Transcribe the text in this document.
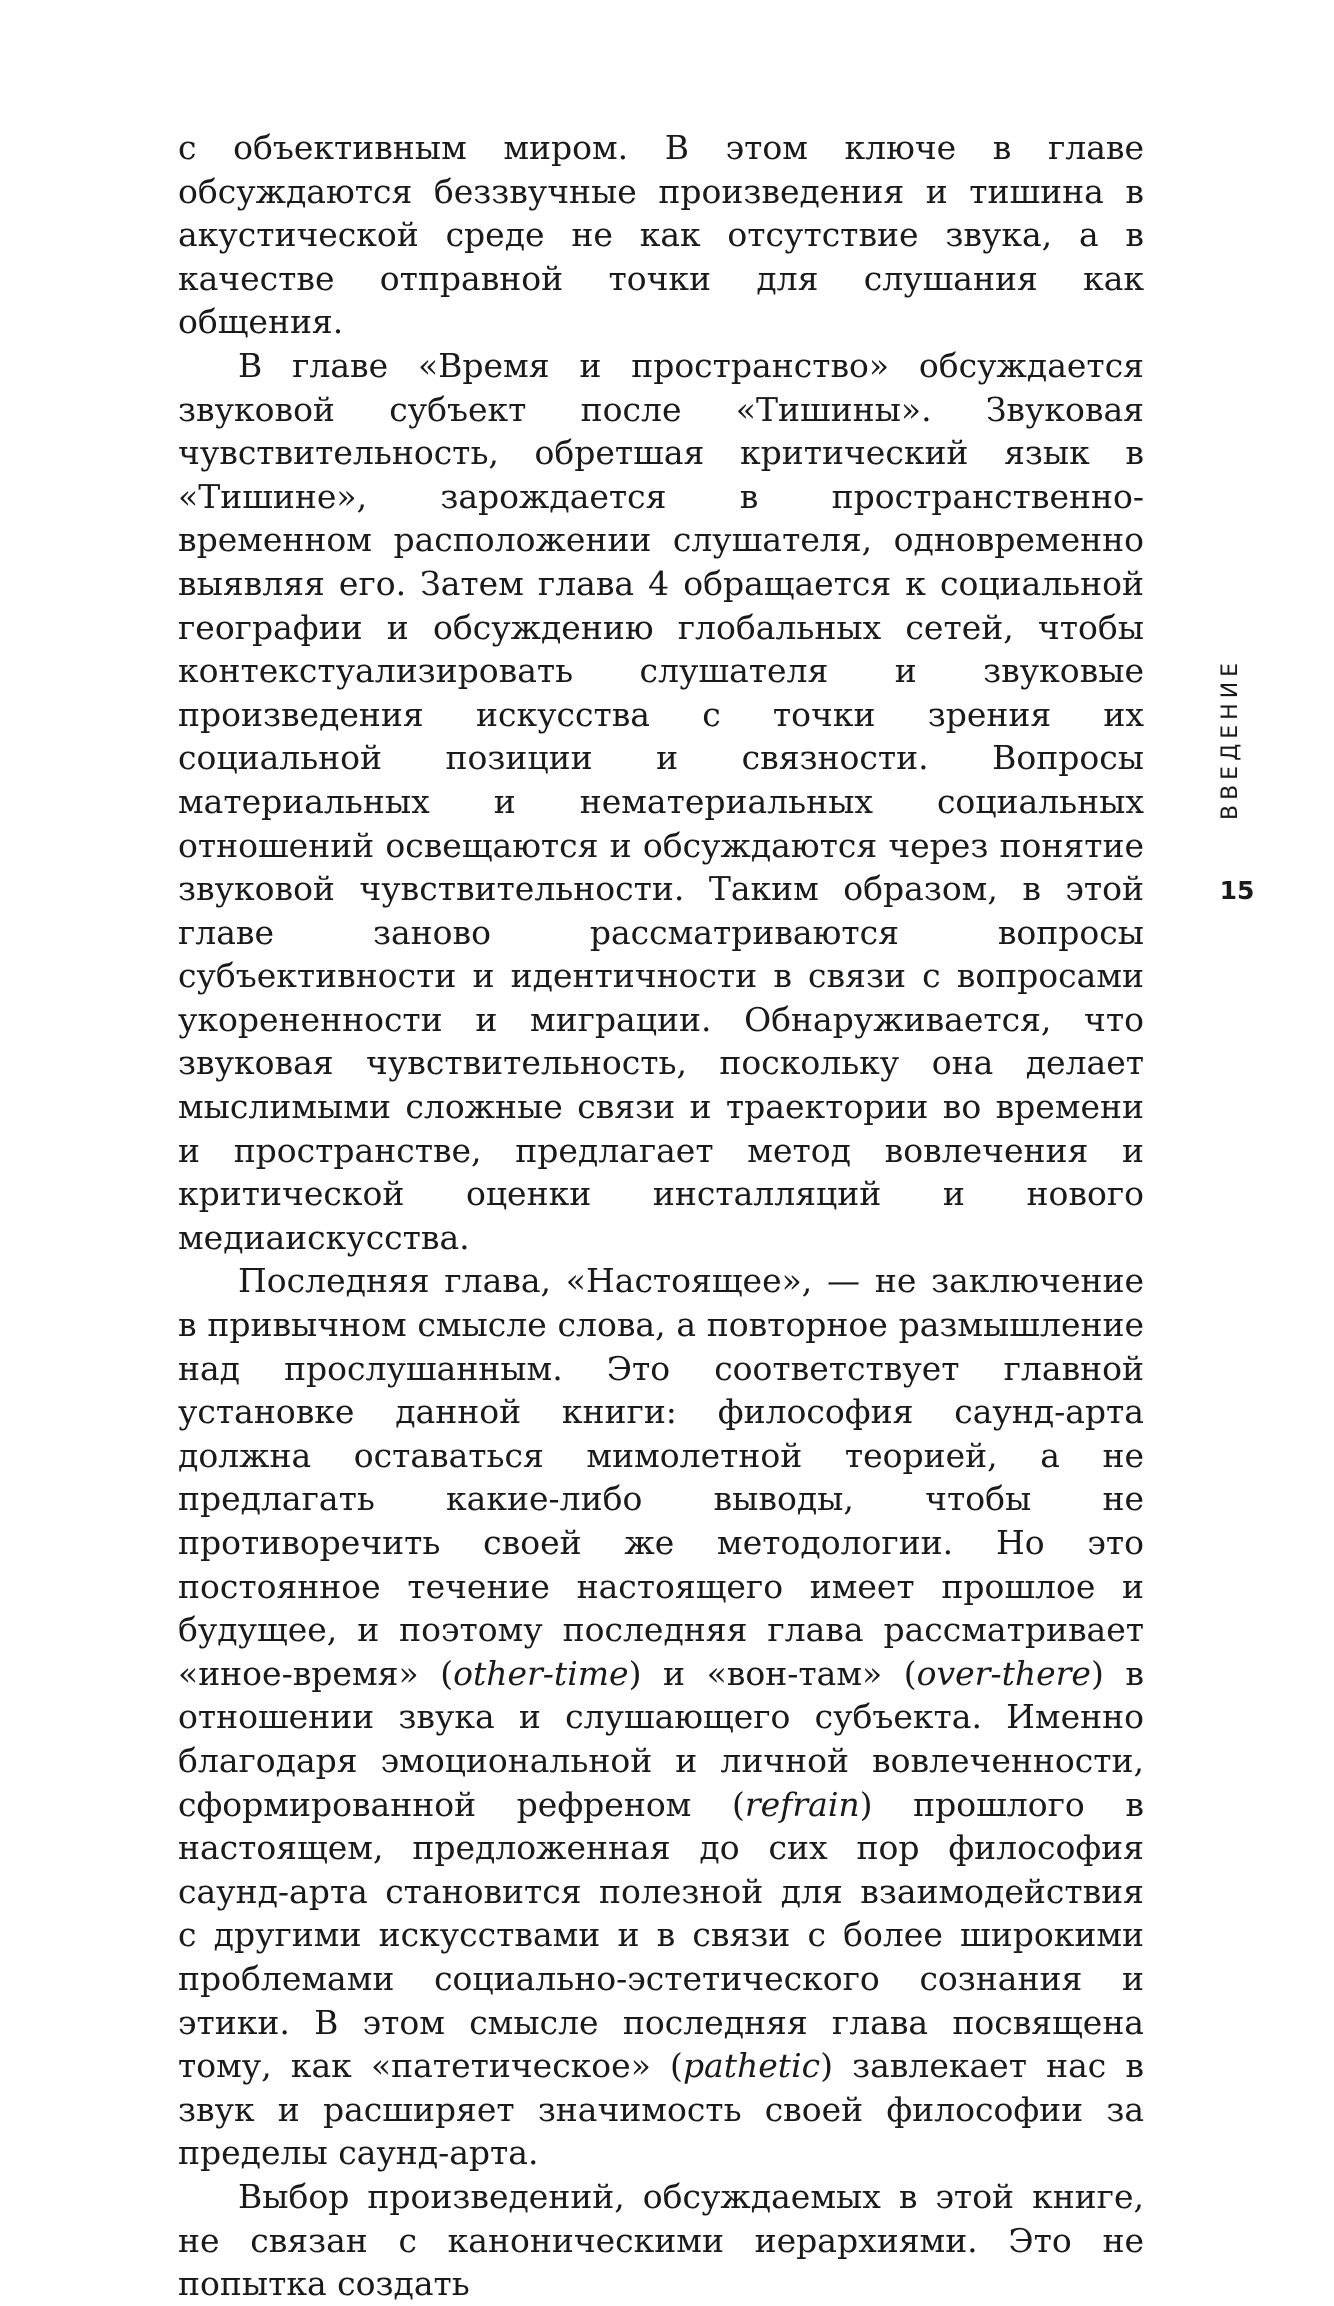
с объективным миром. В этом ключе в главе обсуждаются беззвучные произведения и тишина в акустической среде не как отсутствие звука, а в качестве отправной точки для слушания как общения.

В главе «Время и пространство» обсуждается звуковой субъект после «Тишины». Звуковая чувствительность, обретшая критический язык в «Тишине», зарождается в пространственно-временном расположении слушателя, одновременно выявляя его. Затем глава 4 обращается к социальной географии и обсуждению глобальных сетей, чтобы контекстуализировать слушателя и звуковые произведения искусства с точки зрения их социальной позиции и связности. Вопросы материальных и нематериальных социальных отношений освещаются и обсуждаются через понятие звуковой чувствительности. Таким образом, в этой главе заново рассматриваются вопросы субъективности и идентичности в связи с вопросами укорененности и миграции. Обнаруживается, что звуковая чувствительность, поскольку она делает мыслимыми сложные связи и траектории во времени и пространстве, предлагает метод вовлечения и критической оценки инсталляций и нового медиаискусства.

Последняя глава, «Настоящее», — не заключение в привычном смысле слова, а повторное размышление над прослушанным. Это соответствует главной установке данной книги: философия саунд-арта должна оставаться мимолетной теорией, а не предлагать какие-либо выводы, чтобы не противоречить своей же методологии. Но это постоянное течение настоящего имеет прошлое и будущее, и поэтому последняя глава рассматривает «иное-время» (other-time) и «вон-там» (over-there) в отношении звука и слушающего субъекта. Именно благодаря эмоциональной и личной вовлеченности, сформированной рефреном (refrain) прошлого в настоящем, предложенная до сих пор философия саунд-арта становится полезной для взаимодействия с другими искусствами и в связи с более широкими проблемами социально-эстетического сознания и этики. В этом смысле последняя глава посвящена тому, как «патетическое» (pathetic) завлекает нас в звук и расширяет значимость своей философии за пределы саунд-арта.

Выбор произведений, обсуждаемых в этой книге, не связан с каноническими иерархиями. Это не попытка создать

ВВЕДЕНИЕ
15
